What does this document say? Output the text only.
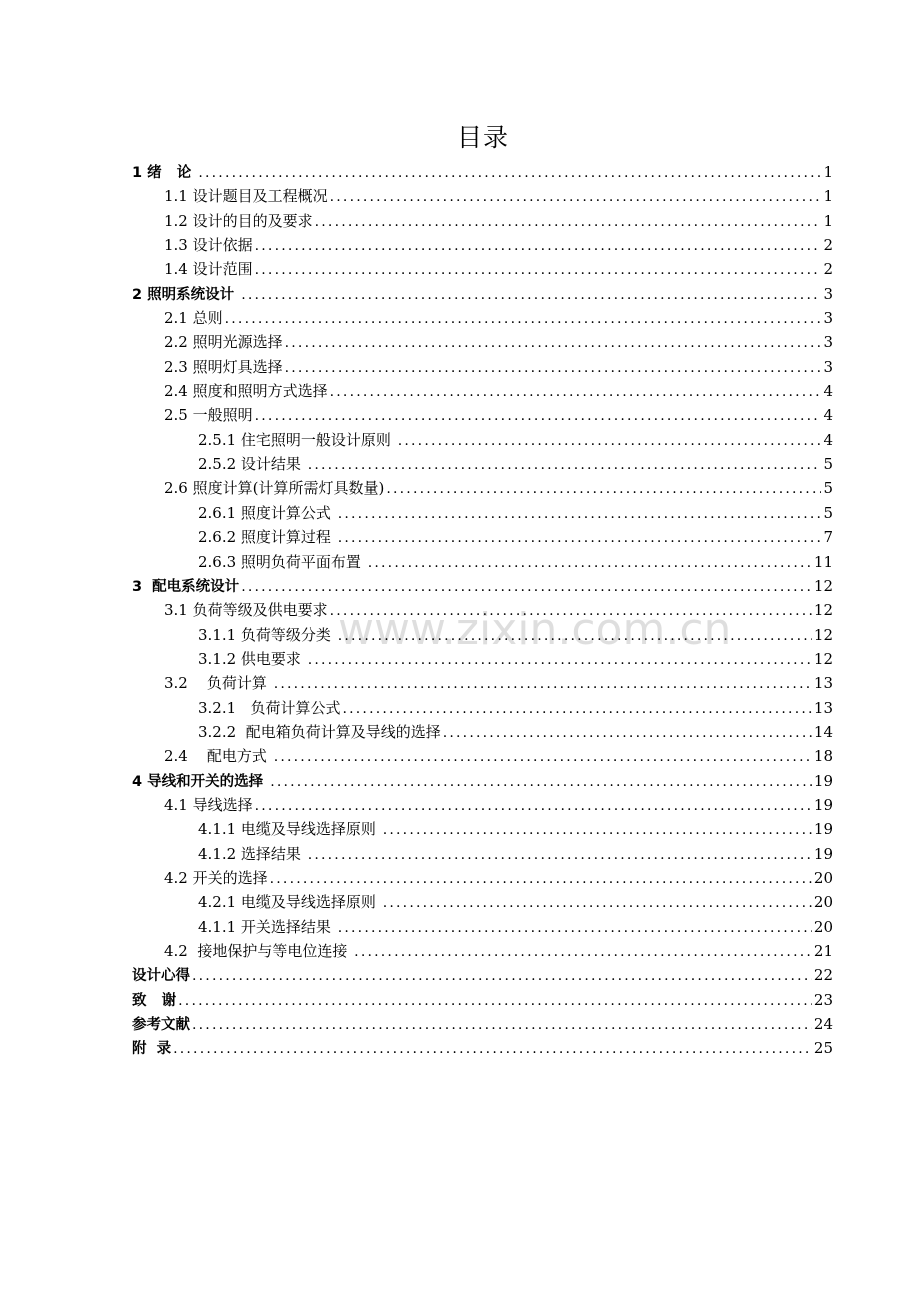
目录
1 绪   论 .....	1
1.1 设计题目及工程概况 .....	1
1.2 设计的目的及要求 .....	1
1.3 设计依据 .....	2
1.4 设计范围 .....	2
2 照明系统设计 .....	3
2.1 总则 .....	3
2.2 照明光源选择 .....	3
2.3 照明灯具选择 .....	3
2.4 照度和照明方式选择 .....	4
2.5 一般照明 .....	4
2.5.1 住宅照明一般设计原则 .....	4
2.5.2 设计结果 .....	5
2.6 照度计算(计算所需灯具数量) .....	5
2.6.1 照度计算公式 .....	5
2.6.2 照度计算过程 .....	7
2.6.3 照明负荷平面布置 .....	11
3  配电系统设计 .....	12
3.1 负荷等级及供电要求 .....	12
3.1.1 负荷等级分类 .....	12
3.1.2 供电要求 .....	12
3.2    负荷计算 .....	13
3.2.1   负荷计算公式 .....	13
3.2.2  配电箱负荷计算及导线的选择 .....	14
2.4    配电方式 .....	18
4 导线和开关的选择 .....	19
4.1 导线选择 .....	19
4.1.1 电缆及导线选择原则 .....	19
4.1.2 选择结果 .....	19
4.2 开关的选择 .....	20
4.2.1 电缆及导线选择原则 .....	20
4.1.1 开关选择结果 .....	20
4.2  接地保护与等电位连接 .....	21
设计心得 .....	22
致   谢 .....	23
参考文献 .....	24
附  录 .....	25
www.zixin.com.cn
